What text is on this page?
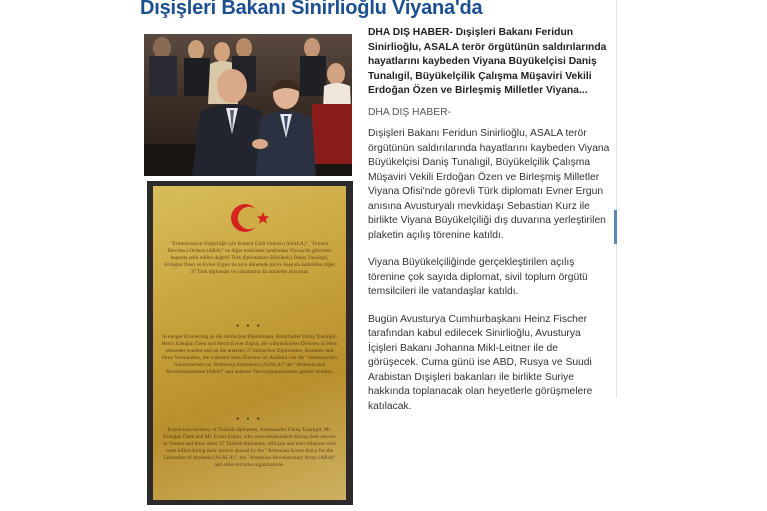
Dışişleri Bakanı Sinirlioğlu Viyana'da
"Ermenistan'ın Özgürlüğü için Ermeni Gizli Ordusu (ASALA)", "Ermeni Devrimci Ordusu (ARA)" ve diğer teröristler tarafından Viyana'da görevleri başında şehit edilen değerli Türk diplomatları Büyükelçi Daniş Tunalıgil, Erdoğan Özen ve Evner Ergun ile aynı dönemde görev başında katledilen diğer 37 Türk diplomatı ve yakınlarını da minnetle anıyoruz.
• • •
In ewiger Erinnerung an die türkischen Diplomaten, Botschafter Daniş Tunalıgil, Herrn Erdoğan Özen und Herrn Evner Ergun, die während ihres Dienstes in Wien ermordet wurden und an die anderen 37 türkischen Diplomaten, Beamten und ihren Verwandten, die während ihres Dienstes im Ausland von der "Armenischen Geheimarmee zur Befreiung Armeniens (ASALA)" der "Armenischen Revolutionsarmee (ARA)" und anderen Terrororganisationen getötet wurden.
• • •
In precious memory of Turkish diplomats, Ambassador Daniş Tunalıgil, Mr. Erdoğan Özen and Mr. Evner Ergun, who were assassinated during their service in Vienna and three other 37 Turkish diplomats, officials and their relatives who were killed during their service abroad by the "Armenian Secret Army for the Liberation of Armenia (ASALA)", the "Armenian Revolutionary Army (ARA)" and other terrorist organizations.

DHA DIŞ HABER- Dışişleri Bakanı Feridun Sinirlioğlu, ASALA terör örgütünün saldırılarında hayatlarını kaybeden Viyana Büyükelçisi Daniş Tunalıgil, Büyükelçilik Çalışma Müşaviri Vekili Erdoğan Özen ve Birleşmiş Milletler Viyana...

DHA DIŞ HABER-

Dışişleri Bakanı Feridun Sinirlioğlu, ASALA terör örgütünün saldırılarında hayatlarını kaybeden Viyana Büyükelçisi Daniş Tunalıgil, Büyükelçilik Çalışma Müşaviri Vekili Erdoğan Özen ve Birleşmiş Milletler Viyana Ofisi'nde görevli Türk diplomatı Evner Ergun anısına Avusturyalı mevkidaşı Sebastian Kurz ile birlikte Viyana Büyükelçiliği dış duvarına yerleştirilen plaketin açılış törenine katıldı.

Viyana Büyükelçiliğinde gerçekleştirilen açılış törenine çok sayıda diplomat, sivil toplum örgütü temsilcileri ile vatandaşlar katıldı.

Bugün Avusturya Cumhurbaşkanı Heinz Fischer tarafından kabul edilecek Sinirlioğlu, Avusturya İçişleri Bakanı Johanna Mikl-Leitner ile de görüşecek. Cuma günü ise ABD, Rusya ve Suudi Arabistan Dışişleri bakanları ile birlikte Suriye hakkında toplanacak olan heyetlerle görüşmelere katılacak.
